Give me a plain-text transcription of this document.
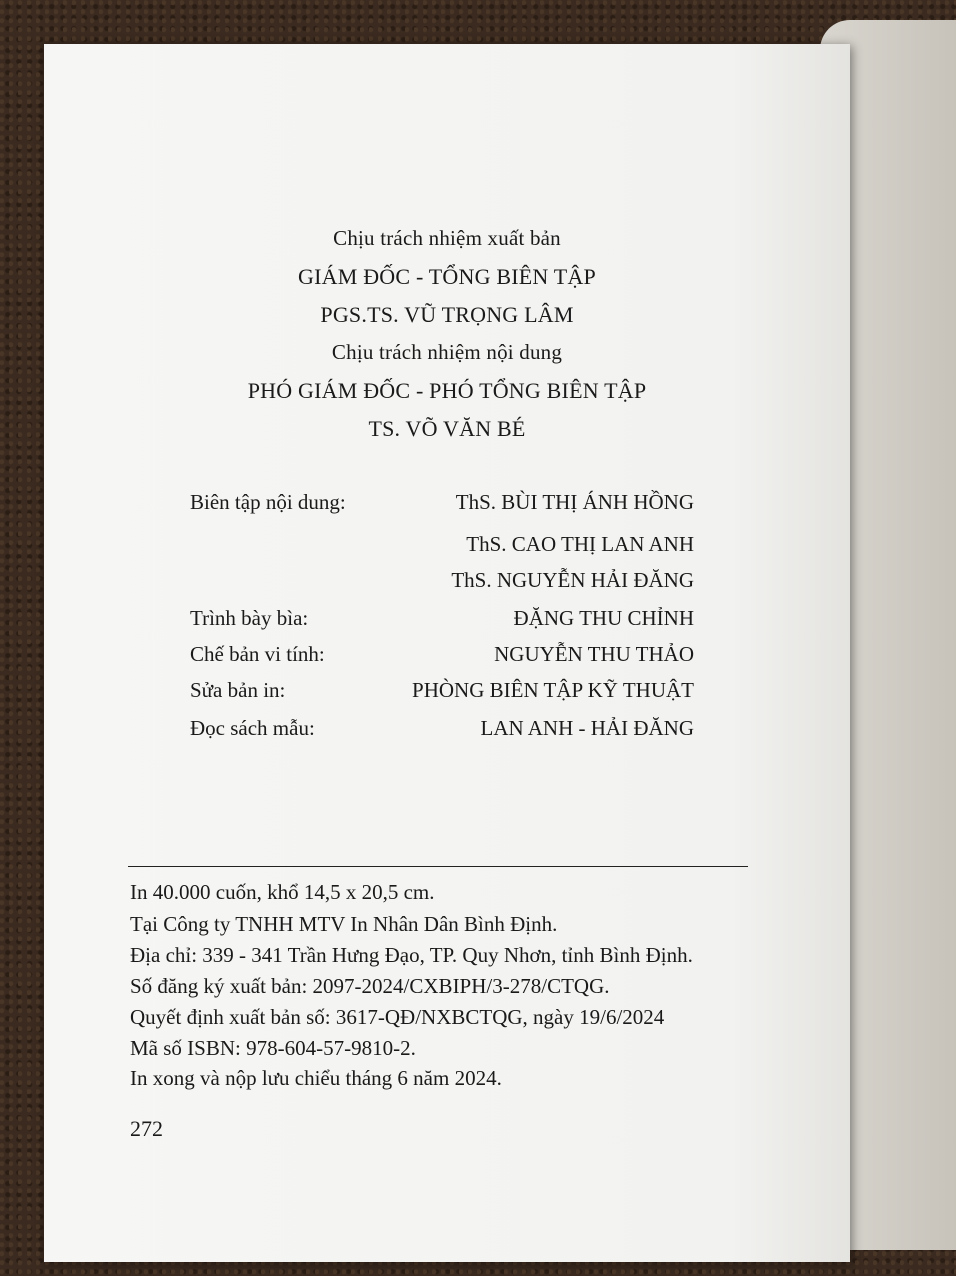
Chịu trách nhiệm xuất bản
GIÁM ĐỐC - TỔNG BIÊN TẬP
PGS.TS. VŨ TRỌNG LÂM
Chịu trách nhiệm nội dung
PHÓ GIÁM ĐỐC - PHÓ TỔNG BIÊN TẬP
TS. VÕ VĂN BÉ
Biên tập nội dung:	ThS. BÙI THỊ ÁNH HỒNG
ThS. CAO THỊ LAN ANH
ThS. NGUYỄN HẢI ĐĂNG
Trình bày bìa:	ĐẶNG THU CHỈNH
Chế bản vi tính:	NGUYỄN THU THẢO
Sửa bản in:	PHÒNG BIÊN TẬP KỸ THUẬT
Đọc sách mẫu:	LAN ANH - HẢI ĐĂNG
In 40.000 cuốn, khổ 14,5 x 20,5 cm.
Tại Công ty TNHH MTV In Nhân Dân Bình Định.
Địa chỉ: 339 - 341 Trần Hưng Đạo, TP. Quy Nhơn, tỉnh Bình Định.
Số đăng ký xuất bản: 2097-2024/CXBIPH/3-278/CTQG.
Quyết định xuất bản số: 3617-QĐ/NXBCTQG, ngày 19/6/2024
Mã số ISBN: 978-604-57-9810-2.
In xong và nộp lưu chiểu tháng 6 năm 2024.
272
